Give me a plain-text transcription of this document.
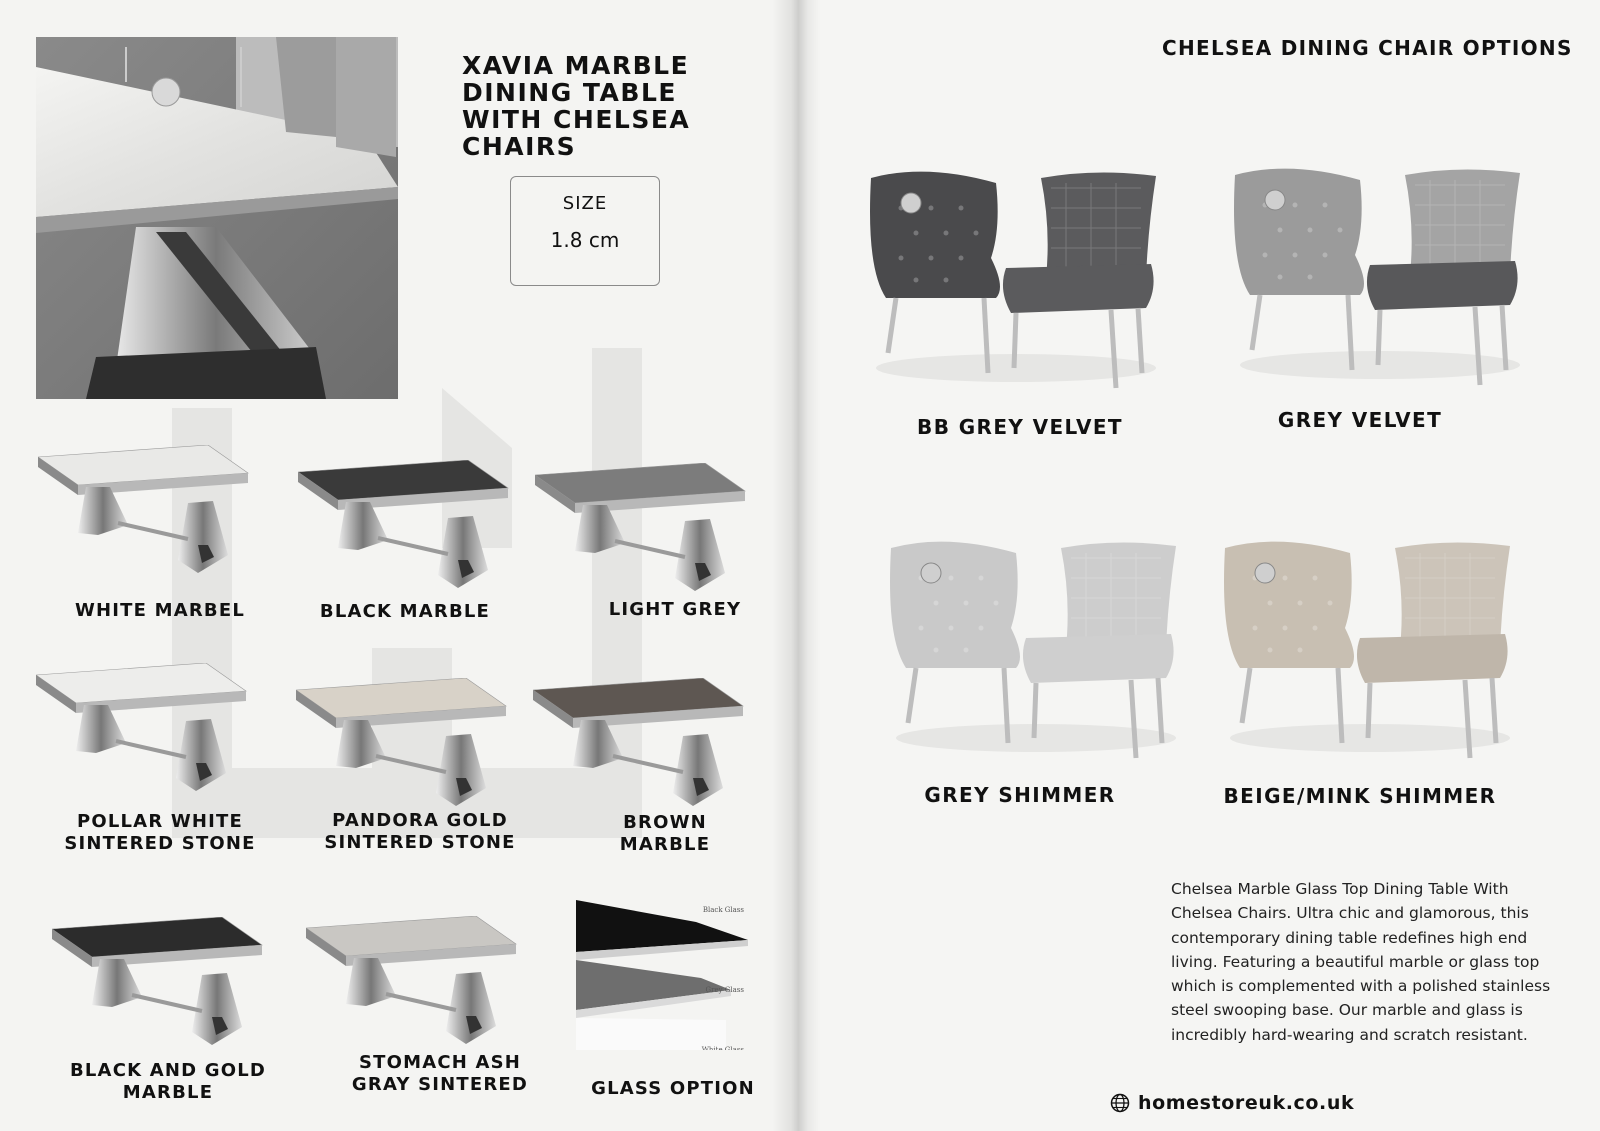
XAVIA MARBLE
DINING TABLE
WITH CHELSEA
CHAIRS
SIZE
1.8 cm
WHITE MARBEL	BLACK MARBLE	LIGHT GREY
POLLAR WHITE
SINTERED STONE
PANDORA GOLD
SINTERED STONE
BROWN
MARBLE
BLACK AND GOLD
MARBLE
STOMACH ASH
GRAY SINTERED
Black Glass
Grey Glass
White Glass
GLASS OPTION
CHELSEA DINING CHAIR OPTIONS
BB GREY VELVET	GREY VELVET
GREY SHIMMER	BEIGE/MINK SHIMMER
Chelsea Marble Glass Top Dining Table With Chelsea Chairs. Ultra chic and glamorous, this contemporary dining table redefines high end living. Featuring a beautiful marble or glass top which is complemented with a polished stainless steel swooping base. Our marble and glass is incredibly hard-wearing and scratch resistant.
homestoreuk.co.uk
